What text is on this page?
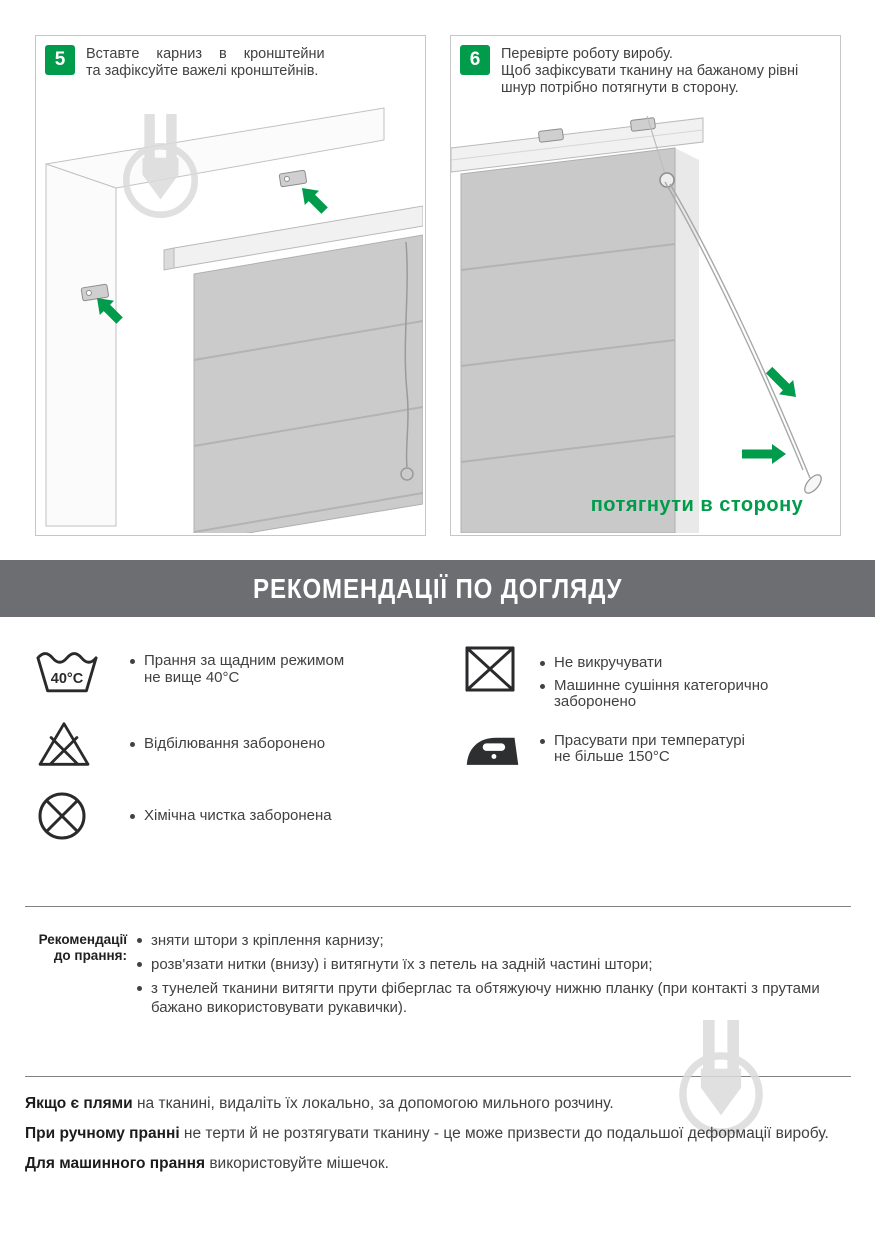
5	Вставте карниз в кронштейни
та зафіксуйте важелі кронштейнів.
6	Перевірте роботу виробу.
Щоб зафіксувати тканину на бажаному рівні
шнур потрібно потягнути в сторону.
потягнути в сторону
РЕКОМЕНДАЦІЇ ПО ДОГЛЯДУ
40°C
Прання за щадним режимом
не вище 40°С
Відбілювання заборонено
Хімічна чистка заборонена
Не викручувати
Машинне сушіння категорично
заборонено
Прасувати при температурі
не більше 150°С
Рекомендації
до прання:
зняти штори з кріплення карнизу;
розв'язати нитки (внизу) і витягнути їх з петель на задній частині штори;
з тунелей тканини витягти прути фіберглас та обтяжуючу нижню планку (при контакті з прутами бажано використовувати рукавички).

Якщо є плями на тканині, видаліть їх локально, за допомогою мильного розчину.

При ручному пранні не терти й не розтягувати тканину - це може призвести до подальшої деформації виробу.

Для машинного прання використовуйте мішечок.
